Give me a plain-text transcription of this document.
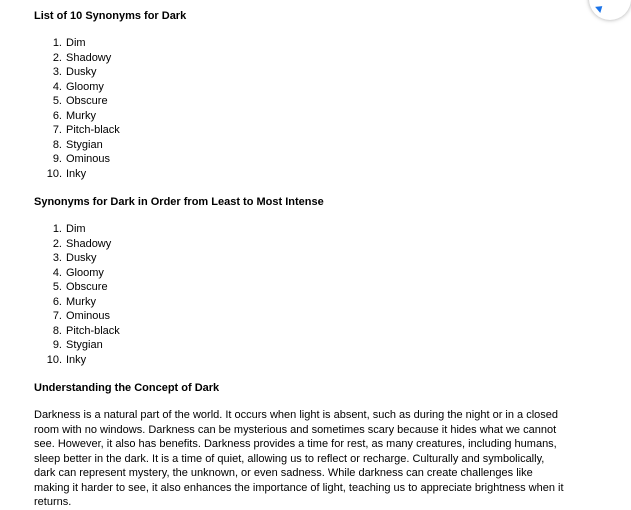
List of 10 Synonyms for Dark
1. Dim
2. Shadowy
3. Dusky
4. Gloomy
5. Obscure
6. Murky
7. Pitch-black
8. Stygian
9. Ominous
10. Inky
Synonyms for Dark in Order from Least to Most Intense
1. Dim
2. Shadowy
3. Dusky
4. Gloomy
5. Obscure
6. Murky
7. Ominous
8. Pitch-black
9. Stygian
10. Inky
Understanding the Concept of Dark

Darkness is a natural part of the world. It occurs when light is absent, such as during the night or in a closed room with no windows. Darkness can be mysterious and sometimes scary because it hides what we cannot see. However, it also has benefits. Darkness provides a time for rest, as many creatures, including humans, sleep better in the dark. It is a time of quiet, allowing us to reflect or recharge. Culturally and symbolically, dark can represent mystery, the unknown, or even sadness. While darkness can create challenges like making it harder to see, it also enhances the importance of light, teaching us to appreciate brightness when it returns.
